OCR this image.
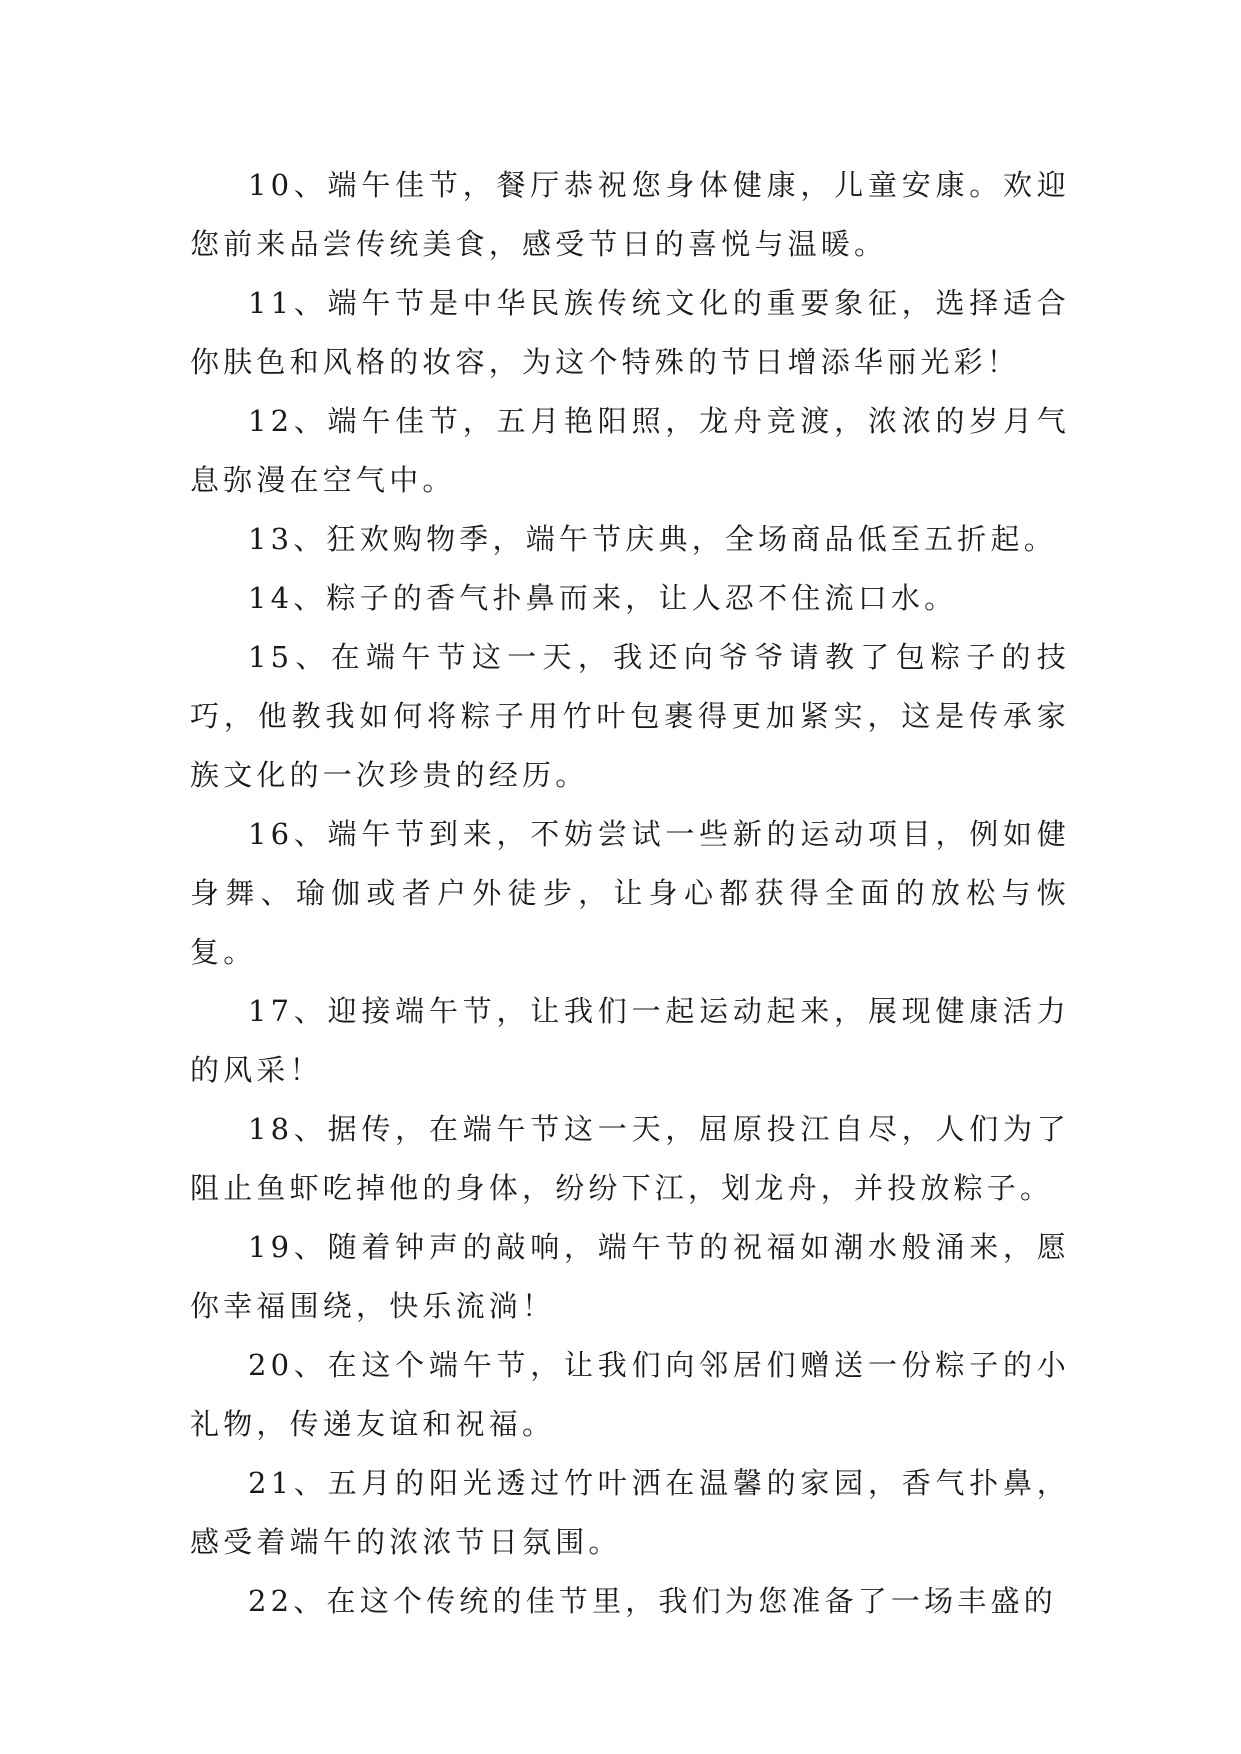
10、端午佳节，餐厅恭祝您身体健康，儿童安康。欢迎您前来品尝传统美食，感受节日的喜悦与温暖。

11、端午节是中华民族传统文化的重要象征，选择适合你肤色和风格的妆容，为这个特殊的节日增添华丽光彩！

12、端午佳节，五月艳阳照，龙舟竞渡，浓浓的岁月气息弥漫在空气中。

13、狂欢购物季，端午节庆典，全场商品低至五折起。

14、粽子的香气扑鼻而来，让人忍不住流口水。

15、在端午节这一天，我还向爷爷请教了包粽子的技巧，他教我如何将粽子用竹叶包裹得更加紧实，这是传承家族文化的一次珍贵的经历。

16、端午节到来，不妨尝试一些新的运动项目，例如健身舞、瑜伽或者户外徒步，让身心都获得全面的放松与恢复。

17、迎接端午节，让我们一起运动起来，展现健康活力的风采！

18、据传，在端午节这一天，屈原投江自尽，人们为了阻止鱼虾吃掉他的身体，纷纷下江，划龙舟，并投放粽子。

19、随着钟声的敲响，端午节的祝福如潮水般涌来，愿你幸福围绕，快乐流淌！

20、在这个端午节，让我们向邻居们赠送一份粽子的小礼物，传递友谊和祝福。

21、五月的阳光透过竹叶洒在温馨的家园，香气扑鼻，感受着端午的浓浓节日氛围。

22、在这个传统的佳节里，我们为您准备了一场丰盛的
